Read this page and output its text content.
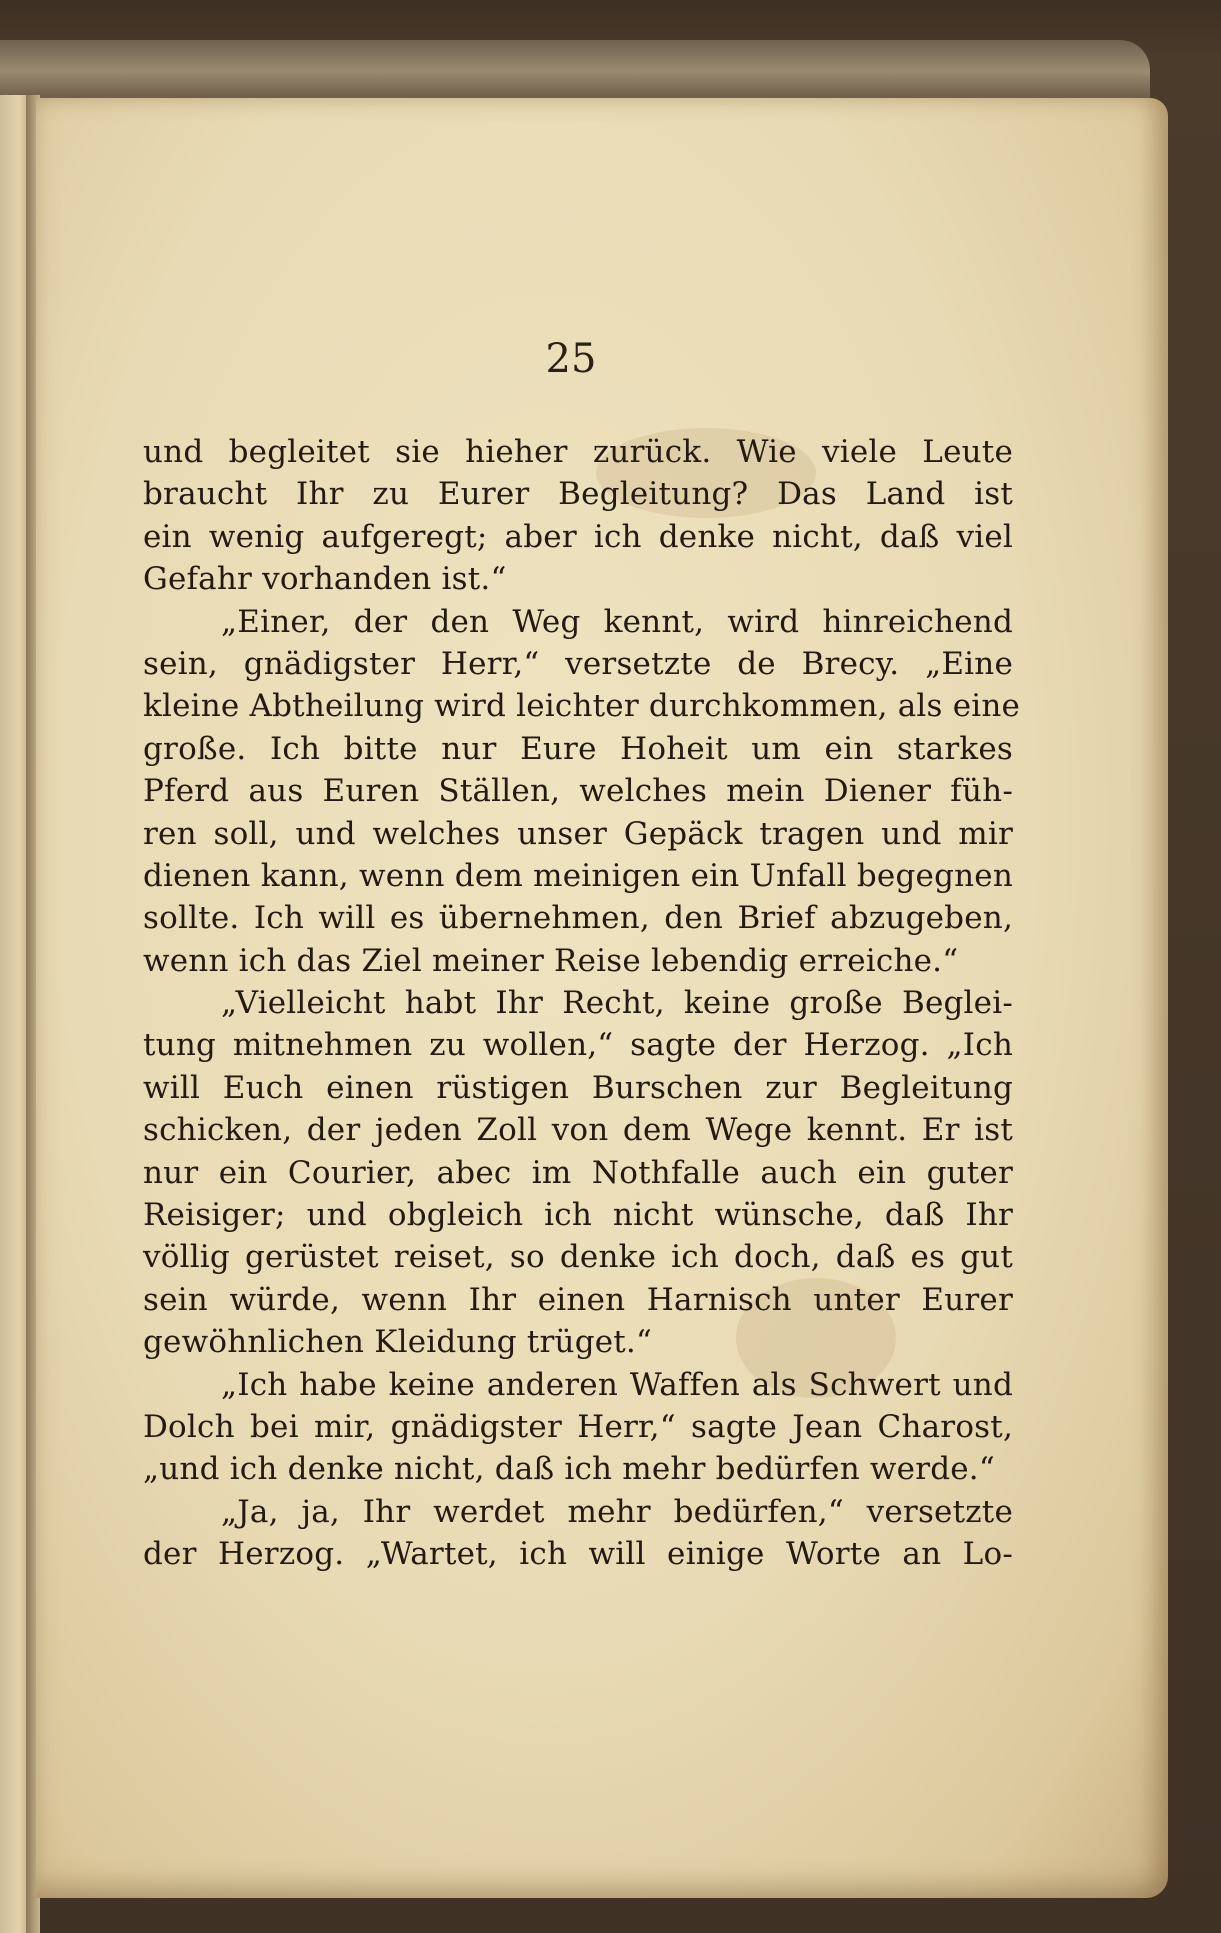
25

und begleitet sie hieher zurück. Wie viele Leute
braucht Ihr zu Eurer Begleitung? Das Land ist
ein wenig aufgeregt; aber ich denke nicht, daß viel
Gefahr vorhanden ist.“
„Einer, der den Weg kennt, wird hinreichend
sein, gnädigster Herr,“ versetzte de Brecy. „Eine
kleine Abtheilung wird leichter durchkommen, als eine
große. Ich bitte nur Eure Hoheit um ein starkes
Pferd aus Euren Ställen, welches mein Diener füh-
ren soll, und welches unser Gepäck tragen und mir
dienen kann, wenn dem meinigen ein Unfall begegnen
sollte. Ich will es übernehmen, den Brief abzugeben,
wenn ich das Ziel meiner Reise lebendig erreiche.“
„Vielleicht habt Ihr Recht, keine große Beglei-
tung mitnehmen zu wollen,“ sagte der Herzog. „Ich
will Euch einen rüstigen Burschen zur Begleitung
schicken, der jeden Zoll von dem Wege kennt. Er ist
nur ein Courier, abec im Nothfalle auch ein guter
Reisiger; und obgleich ich nicht wünsche, daß Ihr
völlig gerüstet reiset, so denke ich doch, daß es gut
sein würde, wenn Ihr einen Harnisch unter Eurer
gewöhnlichen Kleidung trüget.“
„Ich habe keine anderen Waffen als Schwert und
Dolch bei mir, gnädigster Herr,“ sagte Jean Charost,
„und ich denke nicht, daß ich mehr bedürfen werde.“
„Ja, ja, Ihr werdet mehr bedürfen,“ versetzte
der Herzog. „Wartet, ich will einige Worte an Lo-
